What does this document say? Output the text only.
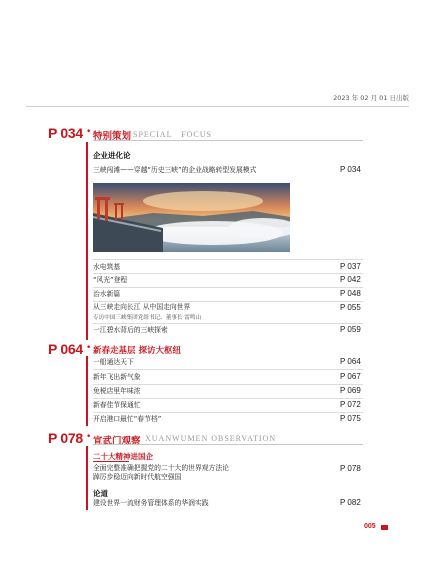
2023 年 02 月 01 日出版
P 034 • 特别策划 SPECIAL　FOCUS
企业进化论
三峡闯滩——穿越“历史三峡”的企业战略转型发展模式	P 034
水电筑基	P 037
“风光”登程	P 042
治水新篇	P 048
从三峡走向长江 从中国走向世界
专访中国三峡集团党组书记、董事长 雷鸣山
P 055
一江碧水背后的三峡探索	P 059
P 064 • 新春走基层 探访大枢纽
一船通达天下	P 064
新年飞出新气象	P 067
免税店里年味浓	P 069
新春佳节保通忙	P 072
开启港口最忙“春节档”	P 075
P 078 • 宣武门观察 XUANWUMEN OBSERVATION
二十大精神进国企
全面完整准确把握党的二十大的世界观方法论
踔厉步稳迈向新时代航空强国
P 078
论道
建设世界一流财务管理体系的华润实践	P 082
005
